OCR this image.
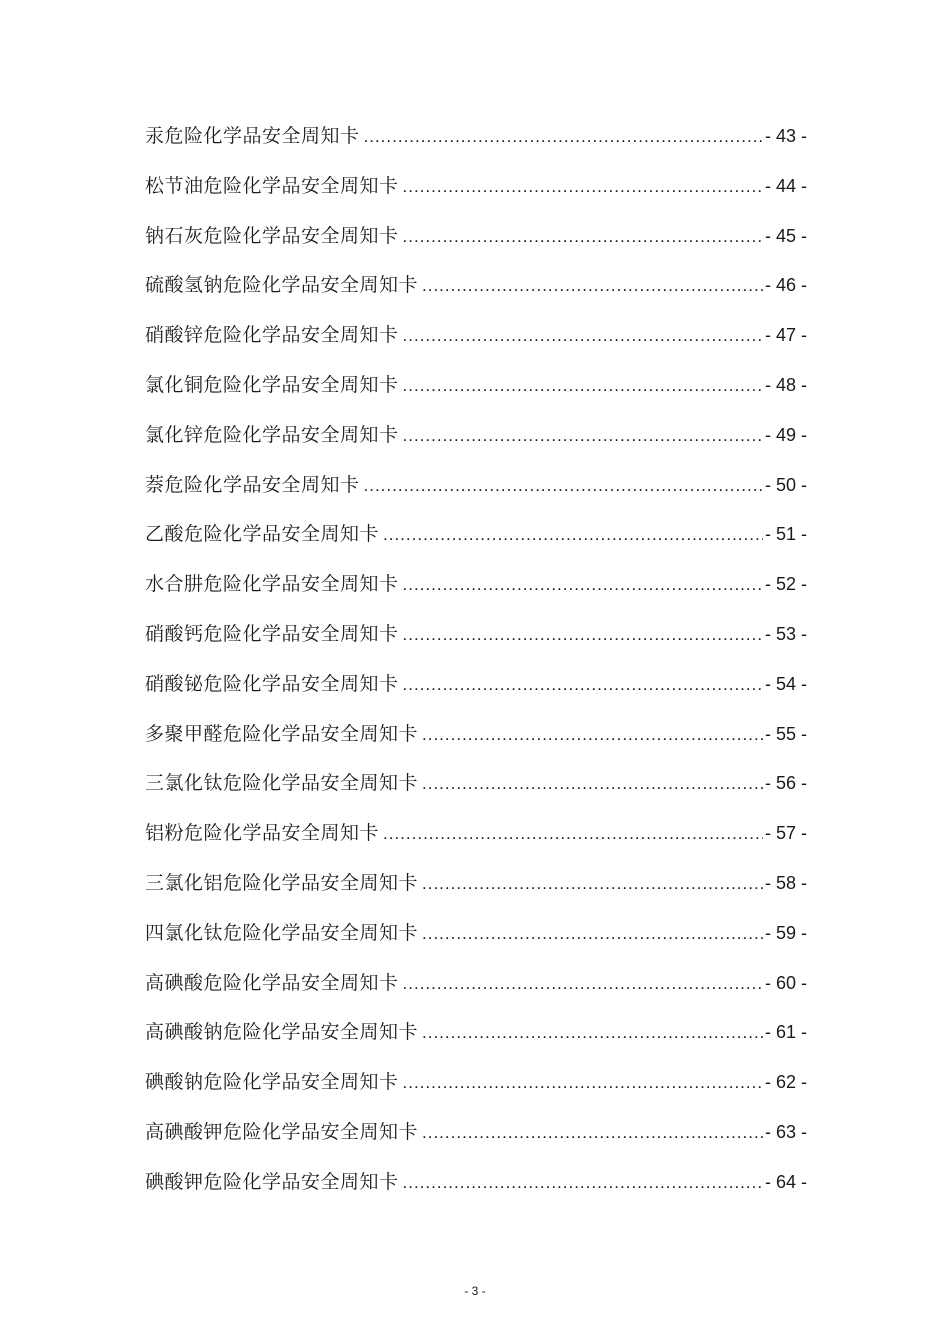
汞危险化学品安全周知卡 .....	- 43 -
松节油危险化学品安全周知卡 .....	- 44 -
钠石灰危险化学品安全周知卡 .....	- 45 -
硫酸氢钠危险化学品安全周知卡 .....	- 46 -
硝酸锌危险化学品安全周知卡 .....	- 47 -
氯化铜危险化学品安全周知卡 .....	- 48 -
氯化锌危险化学品安全周知卡 .....	- 49 -
萘危险化学品安全周知卡 .....	- 50 -
乙酸危险化学品安全周知卡 .....	- 51 -
水合肼危险化学品安全周知卡 .....	- 52 -
硝酸钙危险化学品安全周知卡 .....	- 53 -
硝酸铋危险化学品安全周知卡 .....	- 54 -
多聚甲醛危险化学品安全周知卡 .....	- 55 -
三氯化钛危险化学品安全周知卡 .....	- 56 -
铝粉危险化学品安全周知卡 .....	- 57 -
三氯化铝危险化学品安全周知卡 .....	- 58 -
四氯化钛危险化学品安全周知卡 .....	- 59 -
高碘酸危险化学品安全周知卡 .....	- 60 -
高碘酸钠危险化学品安全周知卡 .....	- 61 -
碘酸钠危险化学品安全周知卡 .....	- 62 -
高碘酸钾危险化学品安全周知卡 .....	- 63 -
碘酸钾危险化学品安全周知卡 .....	- 64 -
- 3 -
